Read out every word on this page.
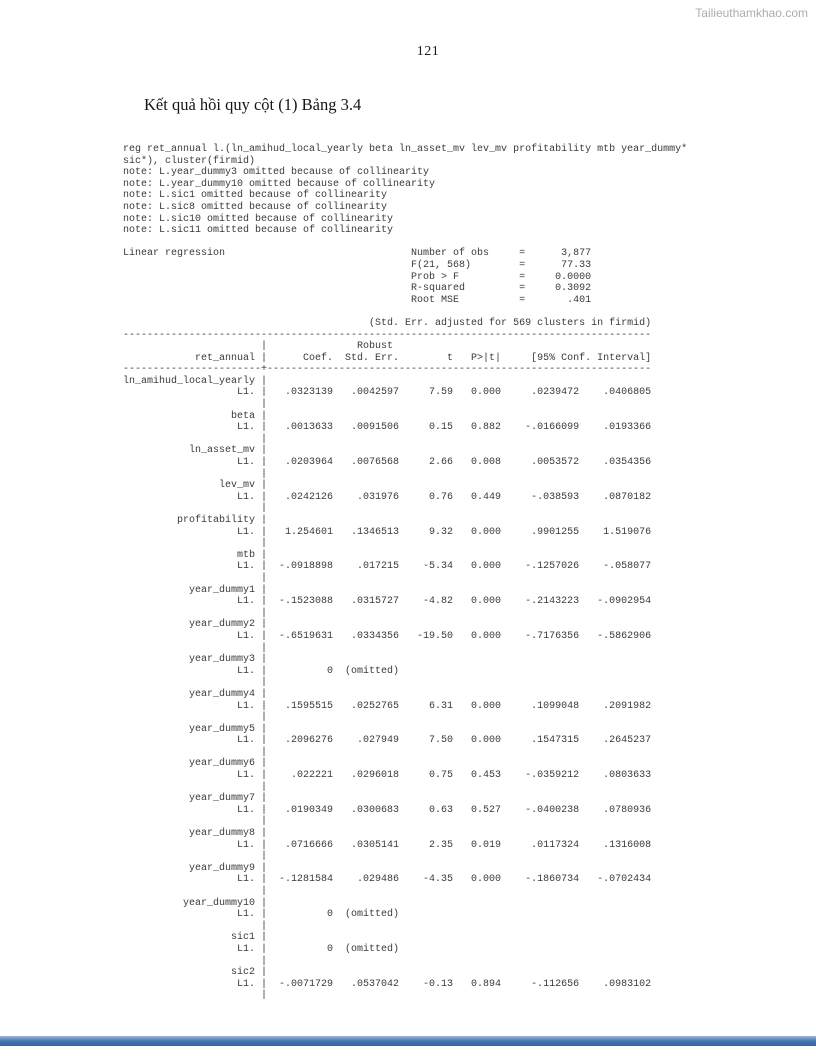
Tailieuthamkhao.com
121
Kết quả hồi quy cột (1) Bảng 3.4
reg ret_annual l.(ln_amihud_local_yearly beta ln_asset_mv lev_mv profitability mtb year_dummy*
sic*), cluster(firmid)
note: L.year_dummy3 omitted because of collinearity
note: L.year_dummy10 omitted because of collinearity
note: L.sic1 omitted because of collinearity
note: L.sic8 omitted because of collinearity
note: L.sic10 omitted because of collinearity
note: L.sic11 omitted because of collinearity

Linear regression                               Number of obs     =      3,877
F(21, 568)        =      77.33
Prob > F          =     0.0000
R-squared         =     0.3092
Root MSE          =       .401

(Std. Err. adjusted for 569 clusters in firmid)
----------------------------------------------------------------------------------------
|               Robust
ret_annual |      Coef.  Std. Err.        t   P>|t|     [95% Conf. Interval]
-----------------------+----------------------------------------------------------------
ln_amihud_local_yearly |
L1. |   .0323139   .0042597     7.59   0.000     .0239472    .0406805
|
beta |
L1. |   .0013633   .0091506     0.15   0.882    -.0166099    .0193366
|
ln_asset_mv |
L1. |   .0203964   .0076568     2.66   0.008     .0053572    .0354356
|
lev_mv |
L1. |   .0242126    .031976     0.76   0.449     -.038593    .0870182
|
profitability |
L1. |   1.254601   .1346513     9.32   0.000     .9901255    1.519076
|
mtb |
L1. |  -.0918898    .017215    -5.34   0.000    -.1257026    -.058077
|
year_dummy1 |
L1. |  -.1523088   .0315727    -4.82   0.000    -.2143223   -.0902954
|
year_dummy2 |
L1. |  -.6519631   .0334356   -19.50   0.000    -.7176356   -.5862906
|
year_dummy3 |
L1. |          0  (omitted)
|
year_dummy4 |
L1. |   .1595515   .0252765     6.31   0.000     .1099048    .2091982
|
year_dummy5 |
L1. |   .2096276    .027949     7.50   0.000     .1547315    .2645237
|
year_dummy6 |
L1. |    .022221   .0296018     0.75   0.453    -.0359212    .0803633
|
year_dummy7 |
L1. |   .0190349   .0300683     0.63   0.527    -.0400238    .0780936
|
year_dummy8 |
L1. |   .0716666   .0305141     2.35   0.019     .0117324    .1316008
|
year_dummy9 |
L1. |  -.1281584    .029486    -4.35   0.000    -.1860734   -.0702434
|
year_dummy10 |
L1. |          0  (omitted)
|
sic1 |
L1. |          0  (omitted)
|
sic2 |
L1. |  -.0071729   .0537042    -0.13   0.894     -.112656    .0983102
|
